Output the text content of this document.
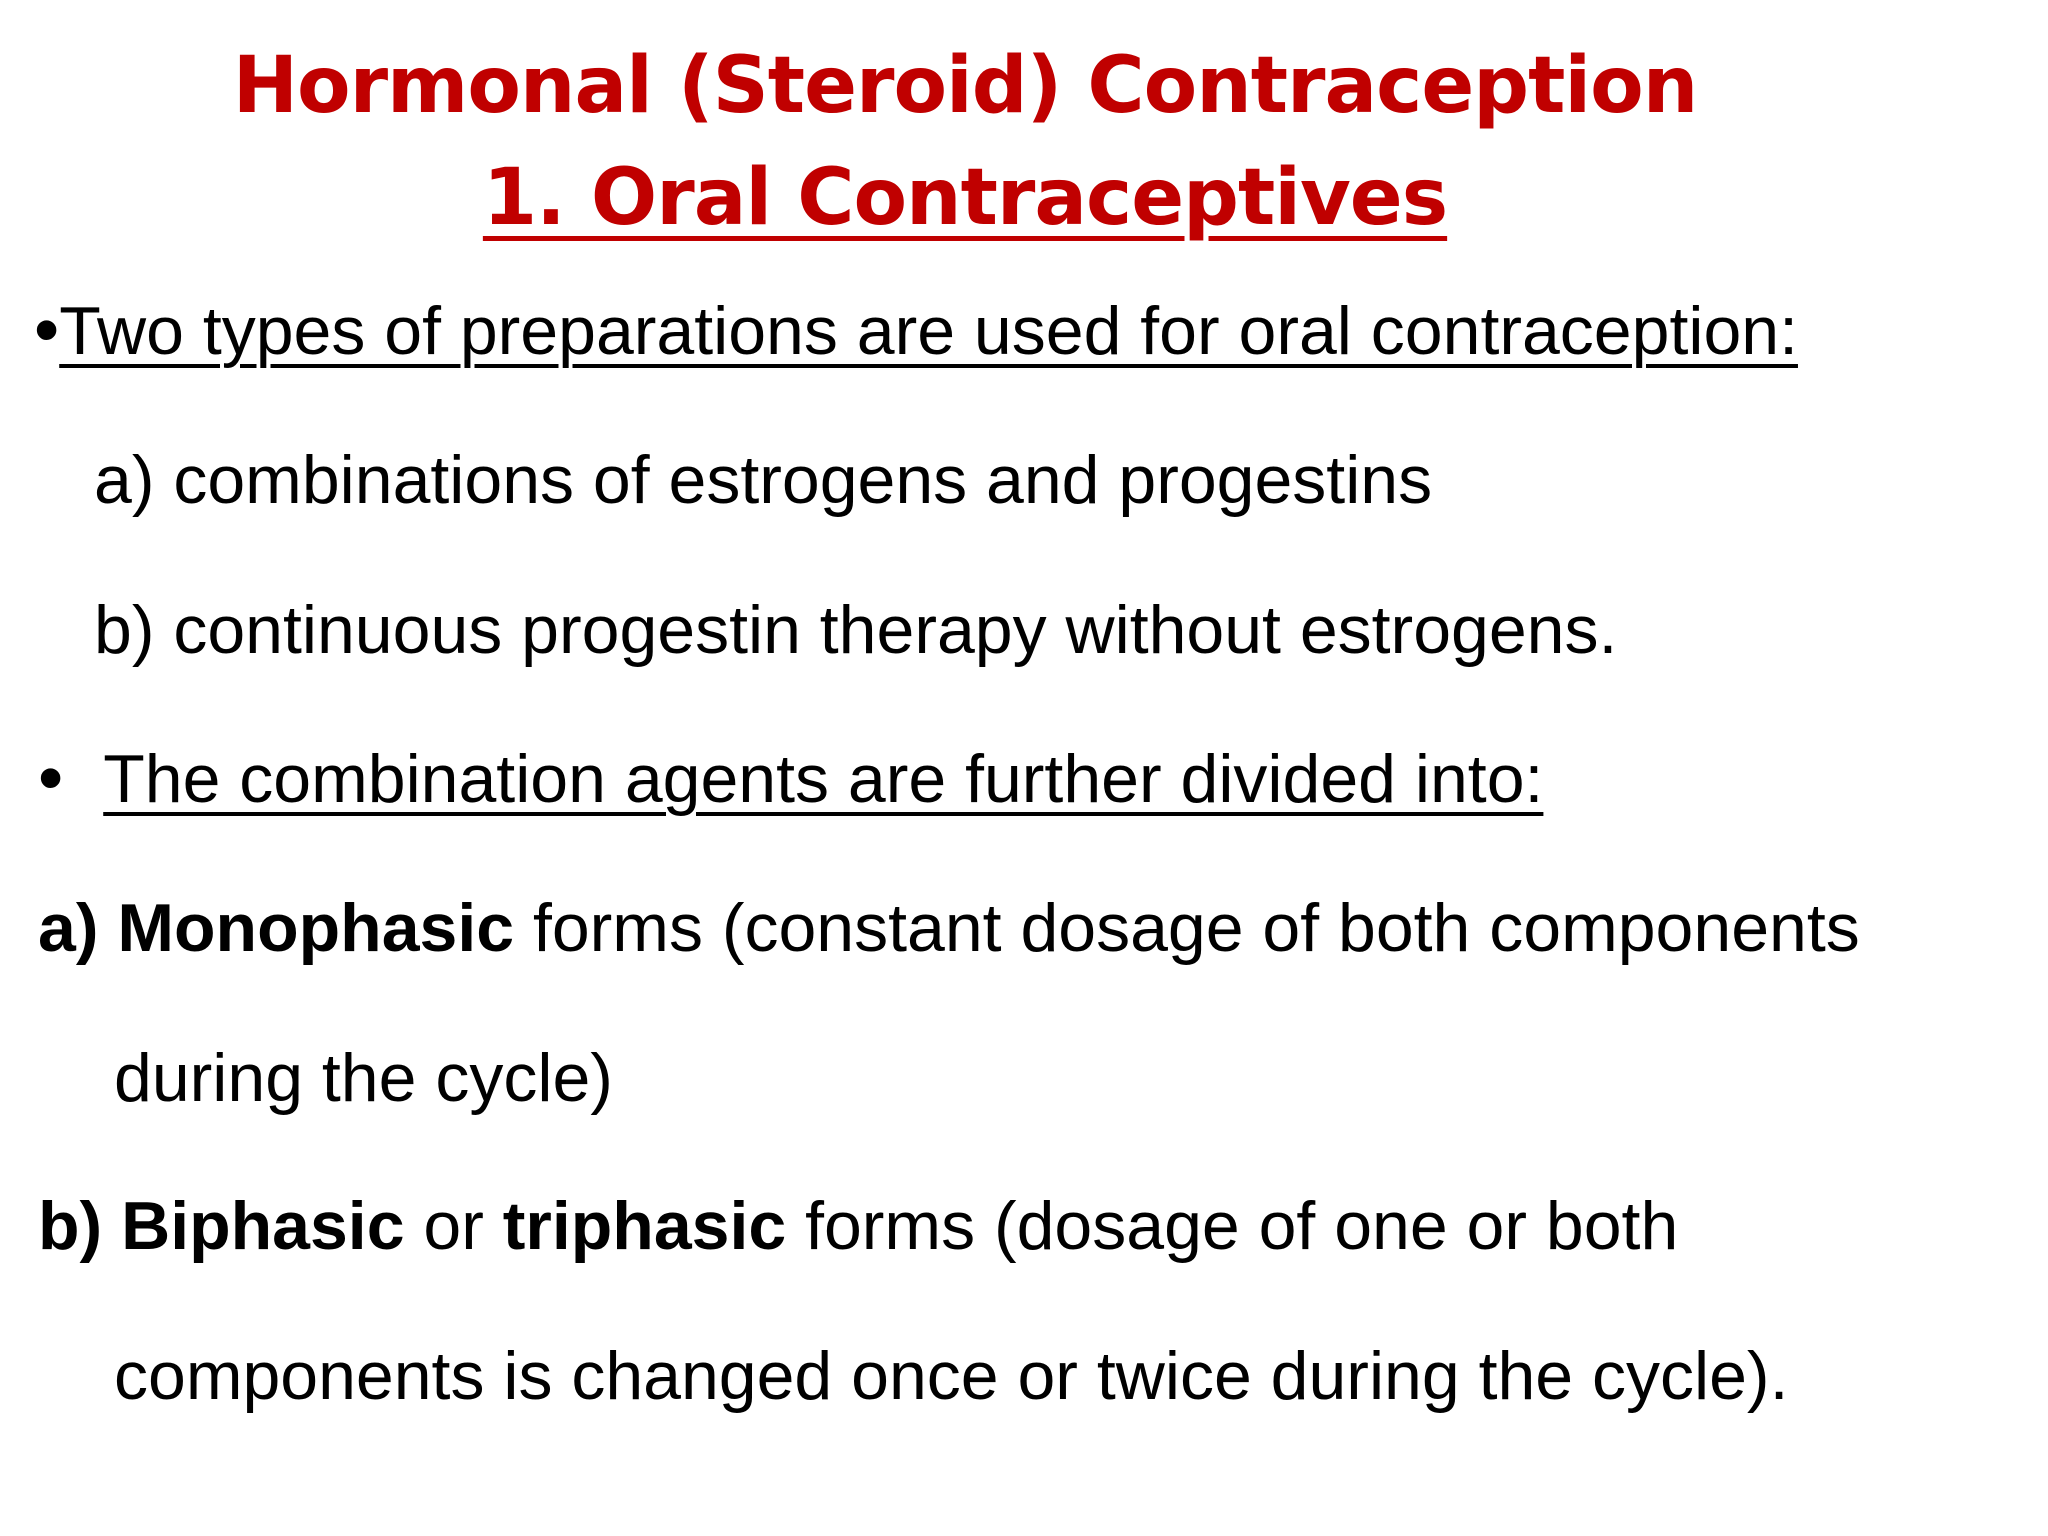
Hormonal (Steroid) Contraception
1. Oral Contraceptives
•Two types of preparations are used for oral contraception:
a) combinations of estrogens and progestins
b) continuous progestin therapy without estrogens.
• The combination agents are further divided into:
a) Monophasic forms (constant dosage of both components
during the cycle)
b) Biphasic or triphasic forms (dosage of one or both
components is changed once or twice during the cycle).
